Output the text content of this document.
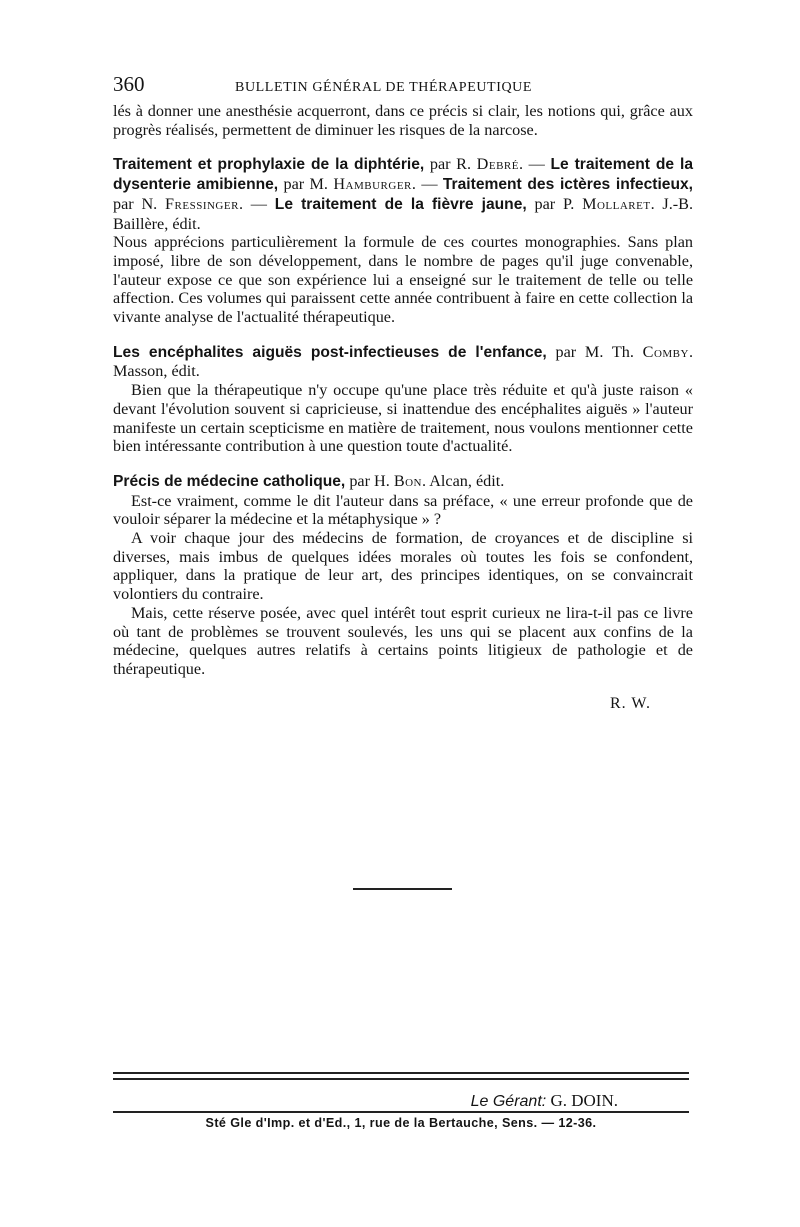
360	BULLETIN GÉNÉRAL DE THÉRAPEUTIQUE

lés à donner une anesthésie acquerront, dans ce précis si clair, les notions qui, grâce aux progrès réalisés, permettent de diminuer les risques de la narcose.

Traitement et prophylaxie de la diphtérie, par R. Debré. — Le traitement de la dysenterie amibienne, par M. Hamburger. — Traitement des ictères infectieux, par N. Fressinger. — Le traitement de la fièvre jaune, par P. Mollaret. J.-B. Baillère, édit.

Nous apprécions particulièrement la formule de ces courtes monographies. Sans plan imposé, libre de son développement, dans le nombre de pages qu'il juge convenable, l'auteur expose ce que son expérience lui a enseigné sur le traitement de telle ou telle affection. Ces volumes qui paraissent cette année contribuent à faire en cette collection la vivante analyse de l'actualité thérapeutique.

Les encéphalites aiguës post-infectieuses de l'enfance, par M. Th. Comby. Masson, édit.

Bien que la thérapeutique n'y occupe qu'une place très réduite et qu'à juste raison « devant l'évolution souvent si capricieuse, si inattendue des encéphalites aiguës » l'auteur manifeste un certain scepticisme en matière de traitement, nous voulons mentionner cette bien intéressante contribution à une question toute d'actualité.

Précis de médecine catholique, par H. Bon. Alcan, édit.

Est-ce vraiment, comme le dit l'auteur dans sa préface, « une erreur profonde que de vouloir séparer la médecine et la métaphysique » ?

A voir chaque jour des médecins de formation, de croyances et de discipline si diverses, mais imbus de quelques idées morales où toutes les fois se confondent, appliquer, dans la pratique de leur art, des principes identiques, on se convaincrait volontiers du contraire.

Mais, cette réserve posée, avec quel intérêt tout esprit curieux ne lira-t-il pas ce livre où tant de problèmes se trouvent soulevés, les uns qui se placent aux confins de la médecine, quelques autres relatifs à certains points litigieux de pathologie et de thérapeutique.

R. W.

Le Gérant: G. DOIN.
Sté Gle d'Imp. et d'Ed., 1, rue de la Bertauche, Sens. — 12-36.
